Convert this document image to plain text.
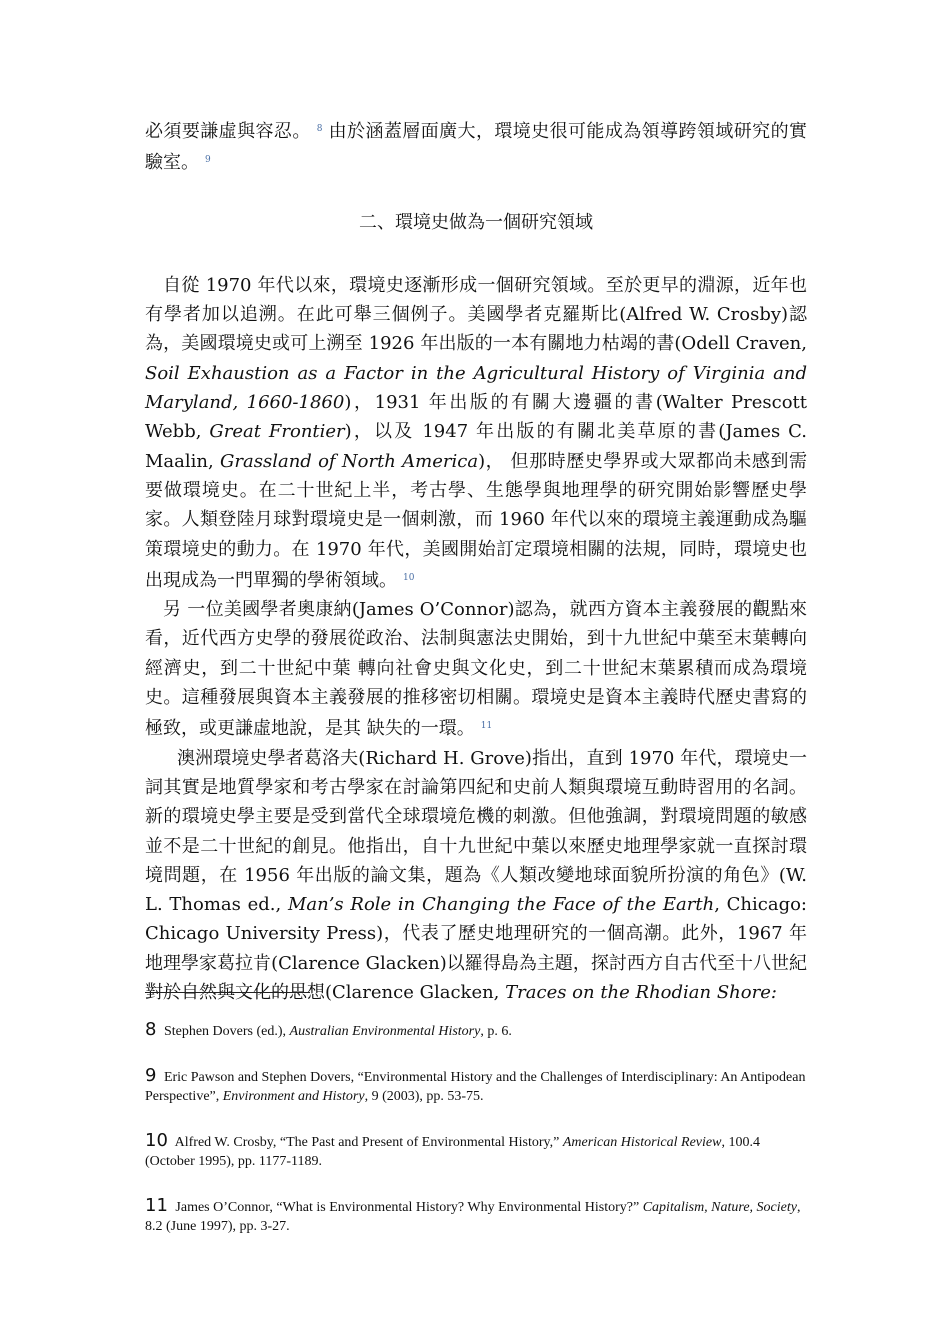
必須要謙虛與容忍。 $^8$ 由於涵蓋層面廣大，環境史很可能成為領導跨領域研究的實驗室。 $^9$

二、環境史做為一個研究領域

自從 1970 年代以來，環境史逐漸形成一個研究領域。至於更早的淵源，近年也有學者加以追溯。在此可舉三個例子。美國學者克羅斯比(Alfred W. Crosby)認為，美國環境史或可上溯至 1926 年出版的一本有關地力枯竭的書(Odell Craven, Soil Exhaustion as a Factor in the Agricultural History of Virginia and Maryland, 1660-1860)，1931 年出版的有關大邊疆的書(Walter Prescott Webb, Great Frontier)，以及 1947 年出版的有關北美草原的書(James C. Maalin, Grassland of North America)， 但那時歷史學界或大眾都尚未感到需要做環境史。在二十世紀上半，考古學、生態學與地理學的研究開始影響歷史學家。人類登陸月球對環境史是一個刺激，而 1960 年代以來的環境主義運動成為驅策環境史的動力。在 1970 年代，美國開始訂定環境相關的法規，同時，環境史也出現成為一門單獨的學術領域。 $^{10}$

另 一位美國學者奧康納(James O’Connor)認為，就西方資本主義發展的觀點來看，近代西方史學的發展從政治、法制與憲法史開始，到十九世紀中葉至末葉轉向經濟史，到二十世紀中葉 轉向社會史與文化史，到二十世紀末葉累積而成為環境史。這種發展與資本主義發展的推移密切相關。環境史是資本主義時代歷史書寫的極致，或更謙虛地說，是其 缺失的一環。 $^{11}$

澳洲環境史學者葛洛夫(Richard H. Grove)指出，直到 1970 年代，環境史一詞其實是地質學家和考古學家在討論第四紀和史前人類與環境互動時習用的名詞。新的環境史學主要是受到當代全球環境危機的刺激。但他強調，對環境問題的敏感並不是二十世紀的創見。他指出，自十九世紀中葉以來歷史地理學家就一直探討環境問題，在 1956 年出版的論文集，題為《人類改變地球面貌所扮演的角色》(W. L. Thomas ed., Man’s Role in Changing the Face of the Earth, Chicago: Chicago University Press)，代表了歷史地理研究的一個高潮。此外，1967 年地理學家葛拉肯(Clarence Glacken)以羅得島為主題，探討西方自古代至十八世紀對於自然與文化的思想(Clarence Glacken, Traces on the Rhodian Shore:

8 Stephen Dovers (ed.), Australian Environmental History, p. 6.

9 Eric Pawson and Stephen Dovers, “Environmental History and the Challenges of Interdisciplinary: An Antipodean Perspective”, Environment and History, 9 (2003), pp. 53-75.

10 Alfred W. Crosby, “The Past and Present of Environmental History,” American Historical Review, 100.4 (October 1995), pp. 1177-1189.

11 James O’Connor, “What is Environmental History? Why Environmental History?” Capitalism, Nature, Society, 8.2 (June 1997), pp. 3-27.
